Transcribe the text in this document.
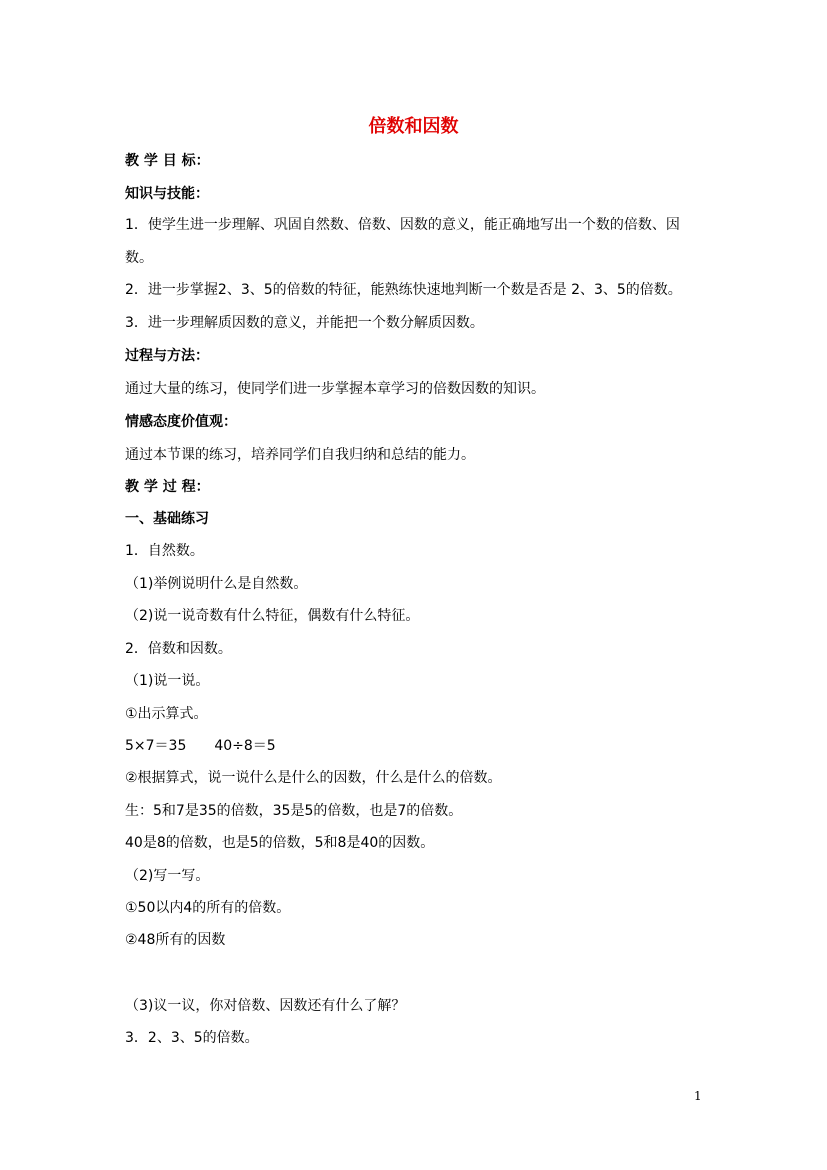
倍数和因数
教 学 目 标：
知识与技能：
1．使学生进一步理解、巩固自然数、倍数、因数的意义，能正确地写出一个数的倍数、因数。
2．进一步掌握2、3、5的倍数的特征，能熟练快速地判断一个数是否是 2、3、5的倍数。
3．进一步理解质因数的意义，并能把一个数分解质因数。
过程与方法：
通过大量的练习，使同学们进一步掌握本章学习的倍数因数的知识。
情感态度价值观：
通过本节课的练习，培养同学们自我归纳和总结的能力。
教 学 过 程：
一、基础练习
1．自然数。
（1)举例说明什么是自然数。
（2)说一说奇数有什么特征，偶数有什么特征。
2．倍数和因数。
（1)说一说。
①出示算式。
5×7＝35　　40÷8＝5
②根据算式，说一说什么是什么的因数，什么是什么的倍数。
生：5和7是35的倍数，35是5的倍数，也是7的倍数。
40是8的倍数，也是5的倍数，5和8是40的因数。
（2)写一写。
①50以内4的所有的倍数。
②48所有的因数
（3)议一议，你对倍数、因数还有什么了解？
3．2、3、5的倍数。
1
